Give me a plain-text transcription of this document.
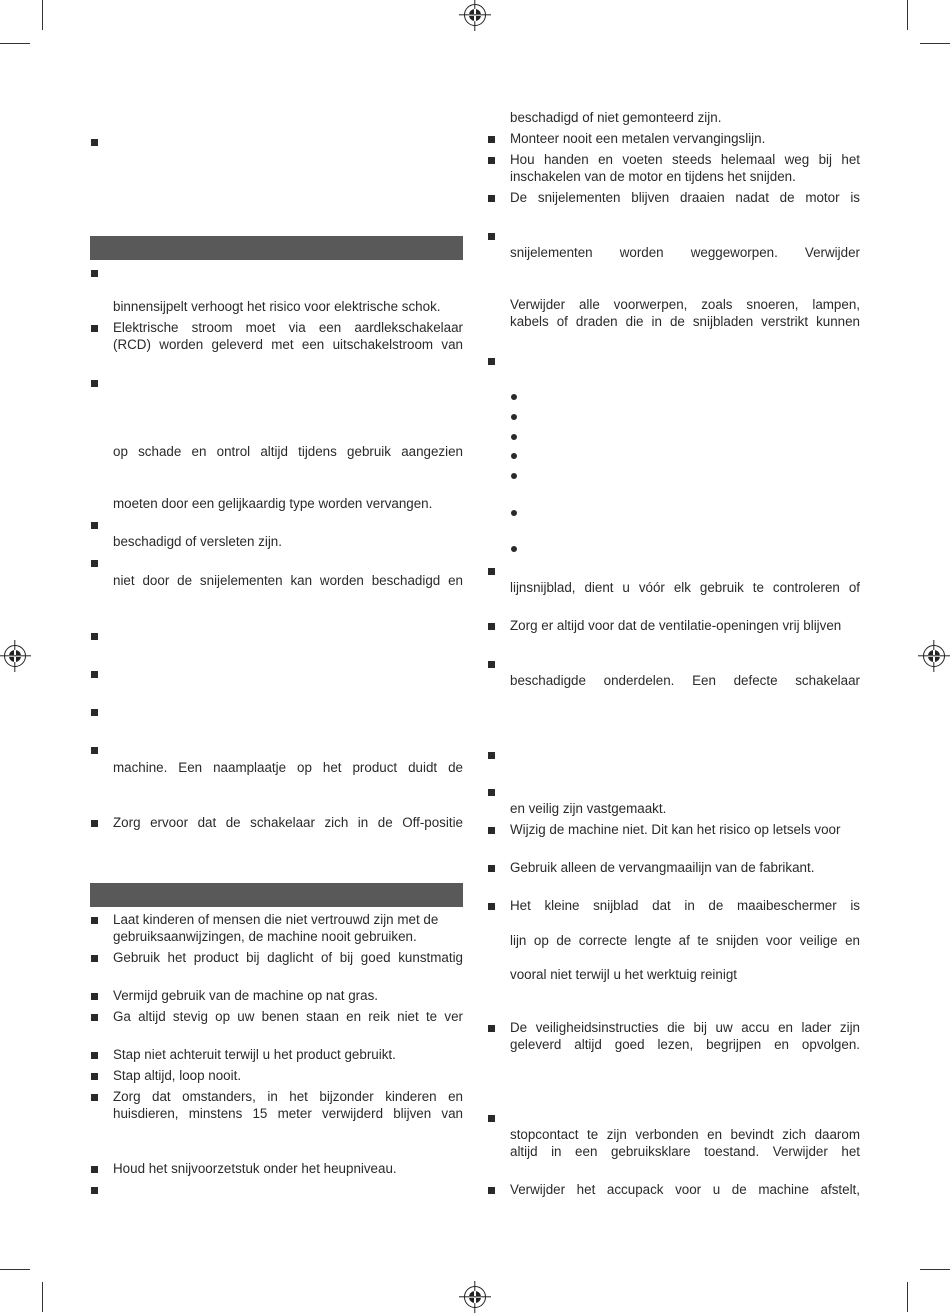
binnensijpelt verhoogt het risico voor elektrische schok.
Elektrische stroom moet via een aardlekschakelaar
(RCD) worden geleverd met een uitschakelstroom van
op schade en ontrol altijd tijdens gebruik aangezien
moeten door een gelijkaardig type worden vervangen.
beschadigd of versleten zijn.
niet door de snijelementen kan worden beschadigd en
machine. Een naamplaatje op het product duidt de
Zorg ervoor dat de schakelaar zich in de Off-positie
Laat kinderen of mensen die niet vertrouwd zijn met de
gebruiksaanwijzingen, de machine nooit gebruiken.
Gebruik het product bij daglicht of bij goed kunstmatig
Vermijd gebruik van de machine op nat gras.
Ga altijd stevig op uw benen staan en reik niet te ver
Stap niet achteruit terwijl u het product gebruikt.
Stap altijd, loop nooit.
Zorg dat omstanders, in het bijzonder kinderen en
huisdieren, minstens 15 meter verwijderd blijven van
Houd het snijvoorzetstuk onder het heupniveau.
beschadigd of niet gemonteerd zijn.
Monteer nooit een metalen vervangingslijn.
Hou handen en voeten steeds helemaal weg bij het
inschakelen van de motor en tijdens het snijden.
De snijelementen blijven draaien nadat de motor is
snijelementen worden weggeworpen. Verwijder
Verwijder alle voorwerpen, zoals snoeren, lampen,
kabels of draden die in de snijbladen verstrikt kunnen
lijnsnijblad, dient u vóór elk gebruik te controleren of
Zorg er altijd voor dat de ventilatie-openingen vrij blijven
beschadigde onderdelen. Een defecte schakelaar
en veilig zijn vastgemaakt.
Wijzig de machine niet. Dit kan het risico op letsels voor
Gebruik alleen de vervangmaailijn van de fabrikant.
Het kleine snijblad dat in de maaibeschermer is
lijn op de correcte lengte af te snijden voor veilige en
vooral niet terwijl u het werktuig reinigt
De veiligheidsinstructies die bij uw accu en lader zijn
geleverd altijd goed lezen, begrijpen en opvolgen.
stopcontact te zijn verbonden en bevindt zich daarom
altijd in een gebruiksklare toestand. Verwijder het
Verwijder het accupack voor u de machine afstelt,
